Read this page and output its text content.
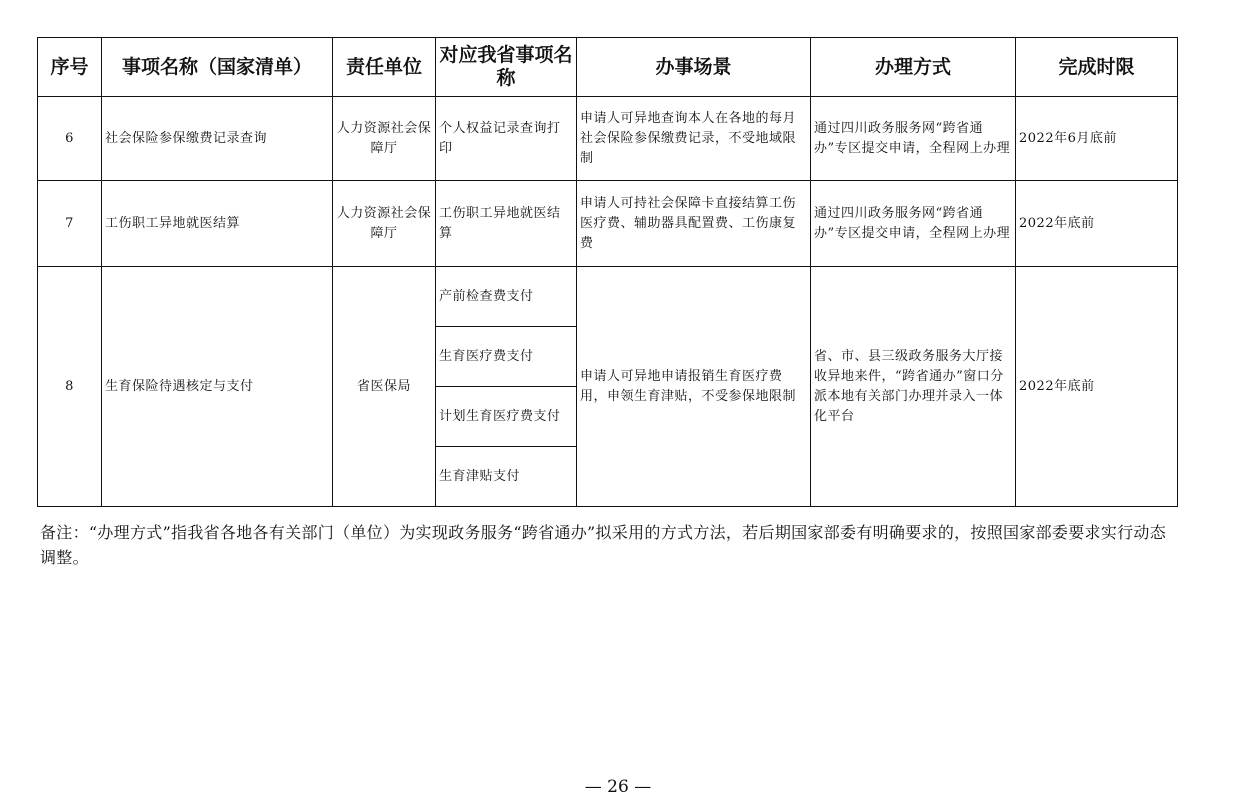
序号	事项名称（国家清单）	责任单位	对应我省事项名称	办事场景	办理方式	完成时限
6	社会保险参保缴费记录查询	人力资源社会保障厅	个人权益记录查询打印	申请人可异地查询本人在各地的每月社会保险参保缴费记录，不受地域限制	通过四川政务服务网“跨省通办”专区提交申请，全程网上办理	2022年6月底前
7	工伤职工异地就医结算	人力资源社会保障厅	工伤职工异地就医结算	申请人可持社会保障卡直接结算工伤医疗费、辅助器具配置费、工伤康复费	通过四川政务服务网“跨省通办”专区提交申请，全程网上办理	2022年底前
8	生育保险待遇核定与支付	省医保局	产前检查费支付	申请人可异地申请报销生育医疗费用，申领生育津贴，不受参保地限制	省、市、县三级政务服务大厅接收异地来件，“跨省通办”窗口分派本地有关部门办理并录入一体化平台	2022年底前
			生育医疗费支付			
			计划生育医疗费支付			
			生育津贴支付			
备注：“办理方式”指我省各地各有关部门（单位）为实现政务服务“跨省通办”拟采用的方式方法，若后期国家部委有明确要求的，按照国家部委要求实行动态调整。
— 26 —
